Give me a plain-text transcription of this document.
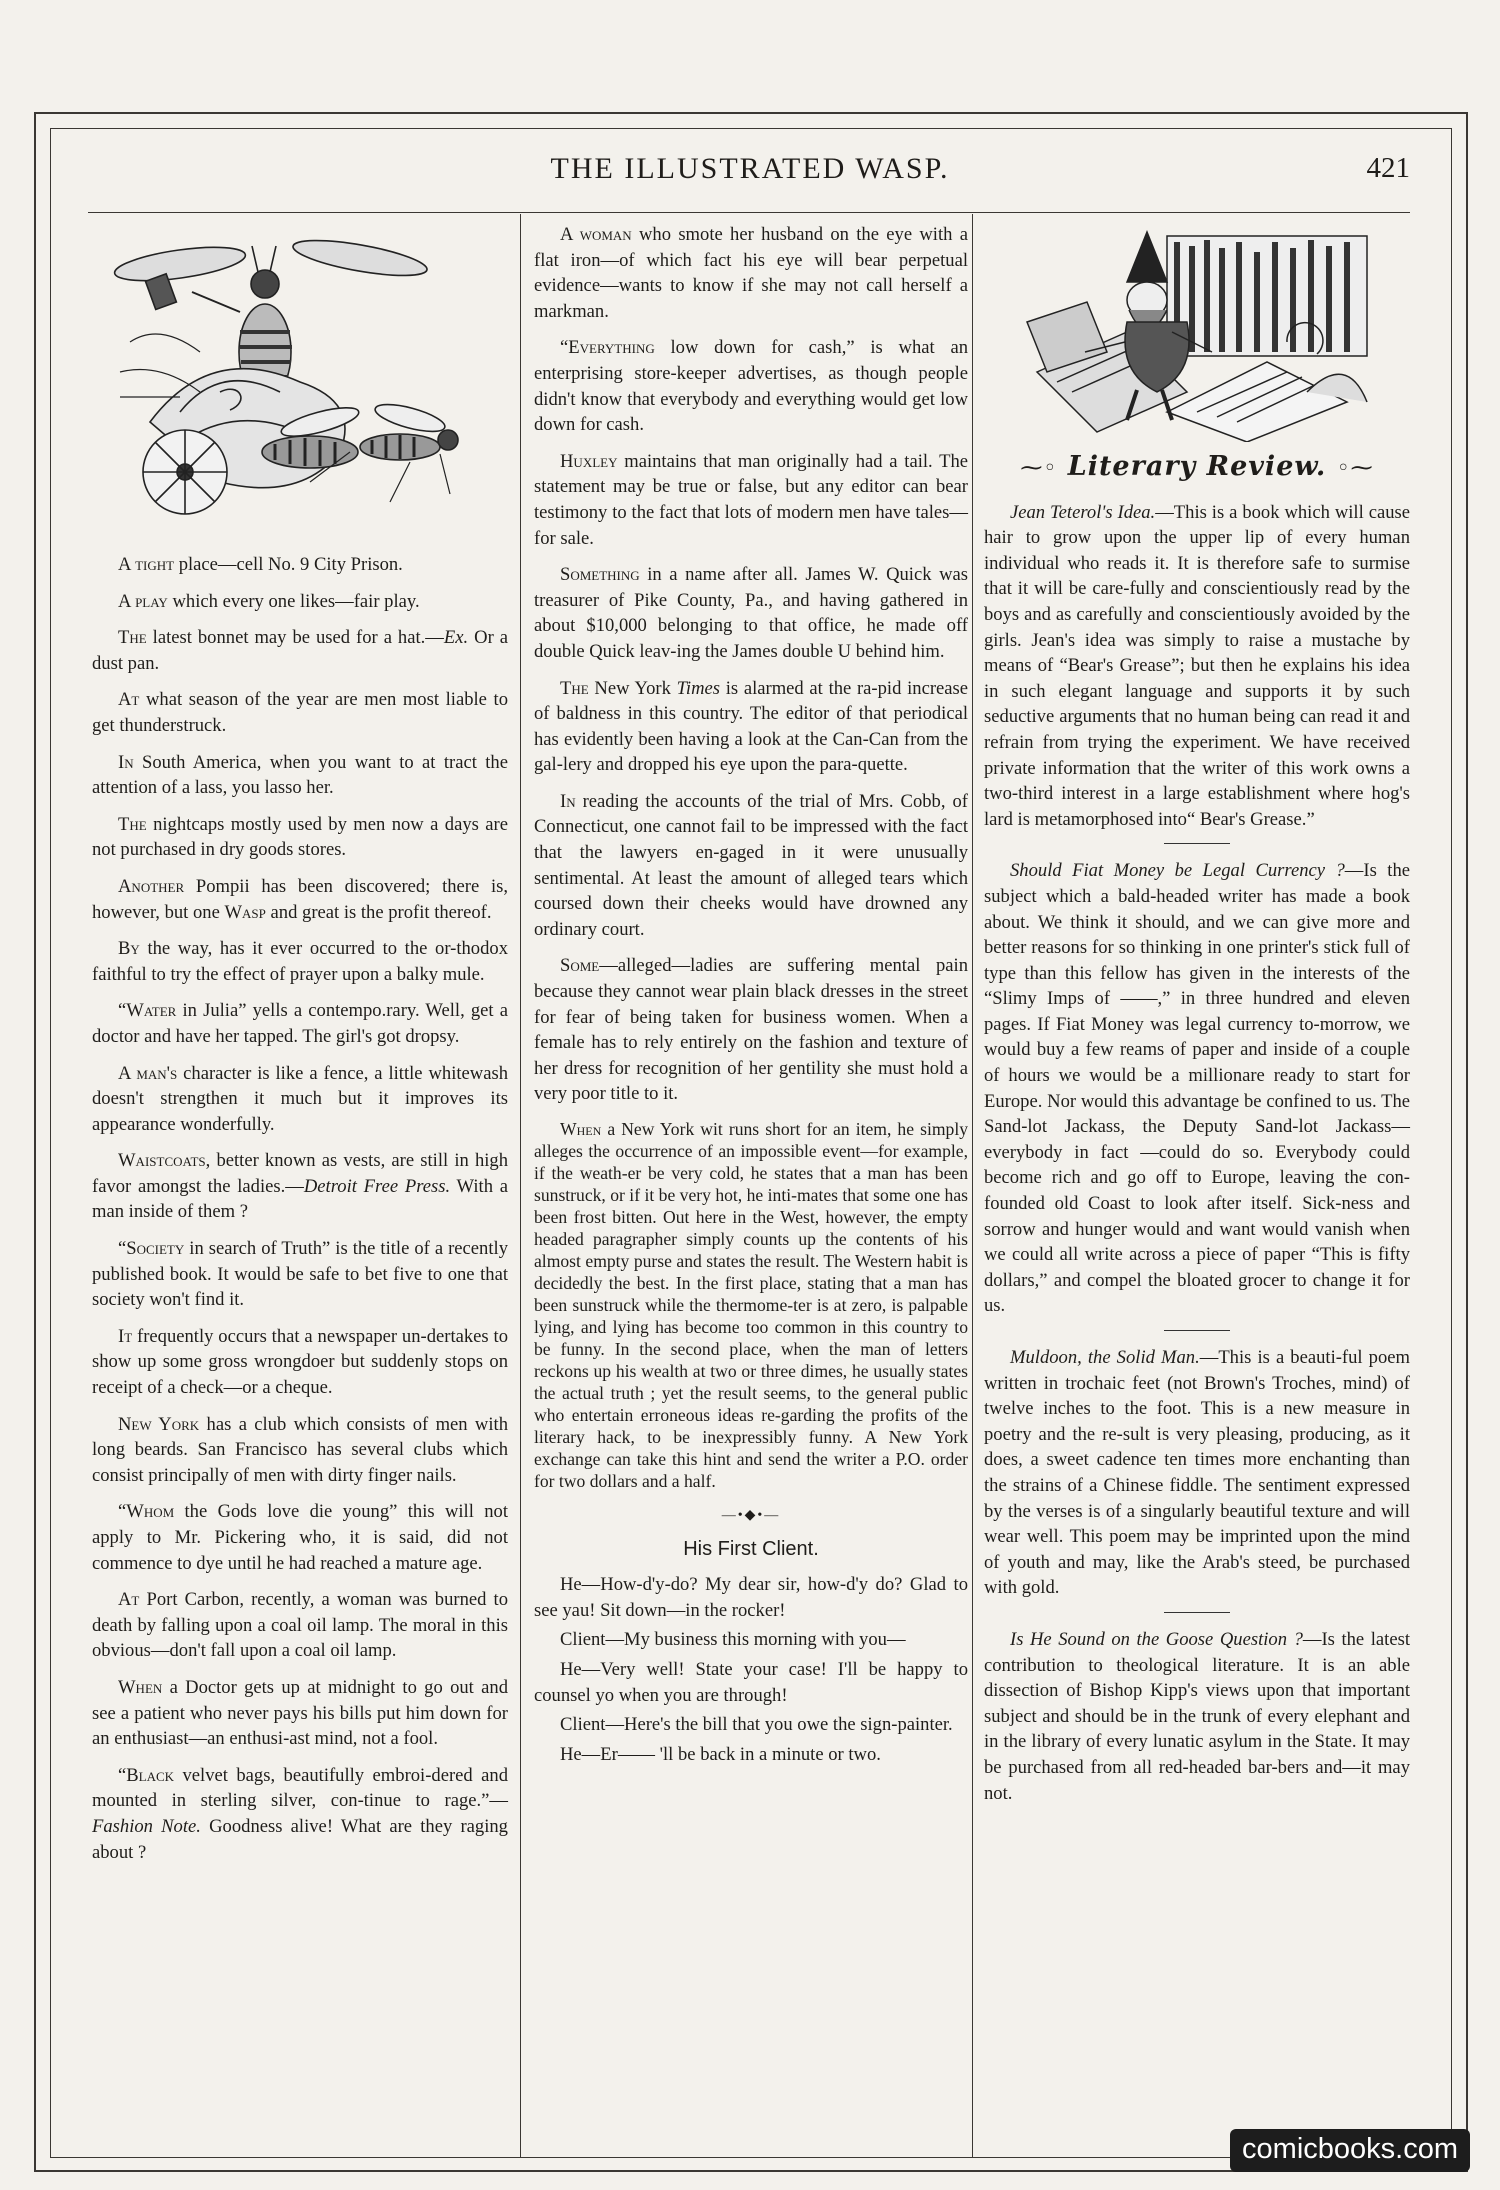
THE ILLUSTRATED WASP.	421

A tight place—cell No. 9 City Prison.

A play which every one likes—fair play.

The latest bonnet may be used for a hat.—Ex. Or a dust pan.

At what season of the year are men most liable to get thunderstruck.

In South America, when you want to at tract the attention of a lass, you lasso her.

The nightcaps mostly used by men now a days are not purchased in dry goods stores.

Another Pompii has been discovered; there is, however, but one Wasp and great is the profit thereof.

By the way, has it ever occurred to the or-thodox faithful to try the effect of prayer upon a balky mule.

“Water in Julia” yells a contempo.rary. Well, get a doctor and have her tapped. The girl's got dropsy.

A man's character is like a fence, a little whitewash doesn't strengthen it much but it improves its appearance wonderfully.

Waistcoats, better known as vests, are still in high favor amongst the ladies.—Detroit Free Press. With a man inside of them ?

“Society in search of Truth” is the title of a recently published book. It would be safe to bet five to one that society won't find it.

It frequently occurs that a newspaper un-dertakes to show up some gross wrongdoer but suddenly stops on receipt of a check—or a cheque.

New York has a club which consists of men with long beards. San Francisco has several clubs which consist principally of men with dirty finger nails.

“Whom the Gods love die young” this will not apply to Mr. Pickering who, it is said, did not commence to dye until he had reached a mature age.

At Port Carbon, recently, a woman was burned to death by falling upon a coal oil lamp. The moral in this obvious—don't fall upon a coal oil lamp.

When a Doctor gets up at midnight to go out and see a patient who never pays his bills put him down for an enthusiast—an enthusi-ast mind, not a fool.

“Black velvet bags, beautifully embroi-dered and mounted in sterling silver, con-tinue to rage.”—Fashion Note. Goodness alive! What are they raging about ?

A woman who smote her husband on the eye with a flat iron—of which fact his eye will bear perpetual evidence—wants to know if she may not call herself a markman.

“Everything low down for cash,” is what an enterprising store-keeper advertises, as though people didn't know that everybody and everything would get low down for cash.

Huxley maintains that man originally had a tail. The statement may be true or false, but any editor can bear testimony to the fact that lots of modern men have tales—for sale.

Something in a name after all. James W. Quick was treasurer of Pike County, Pa., and having gathered in about $10,000 belonging to that office, he made off double Quick leav-ing the James double U behind him.

The New York Times is alarmed at the ra-pid increase of baldness in this country. The editor of that periodical has evidently been having a look at the Can-Can from the gal-lery and dropped his eye upon the para-quette.

In reading the accounts of the trial of Mrs. Cobb, of Connecticut, one cannot fail to be impressed with the fact that the lawyers en-gaged in it were unusually sentimental. At least the amount of alleged tears which coursed down their cheeks would have drowned any ordinary court.

Some—alleged—ladies are suffering mental pain because they cannot wear plain black dresses in the street for fear of being taken for business women. When a female has to rely entirely on the fashion and texture of her dress for recognition of her gentility she must hold a very poor title to it.

When a New York wit runs short for an item, he simply alleges the occurrence of an impossible event—for example, if the weath-er be very cold, he states that a man has been sunstruck, or if it be very hot, he inti-mates that some one has been frost bitten. Out here in the West, however, the empty headed paragrapher simply counts up the contents of his almost empty purse and states the result. The Western habit is decidedly the best. In the first place, stating that a man has been sunstruck while the thermome-ter is at zero, is palpable lying, and lying has become too common in this country to be funny. In the second place, when the man of letters reckons up his wealth at two or three dimes, he usually states the actual truth ; yet the result seems, to the general public who entertain erroneous ideas re-garding the profits of the literary hack, to be inexpressibly funny. A New York exchange can take this hint and send the writer a P.O. order for two dollars and a half.

—•◆•—
His First Client.

He—How-d'y-do? My dear sir, how-d'y do? Glad to see yau! Sit down—in the rocker!

Client—My business this morning with you—

He—Very well! State your case! I'll be happy to counsel yo when you are through!

Client—Here's the bill that you owe the sign-painter.

He—Er—— 'll be back in a minute or two.

⁓◦ Literary Review. ◦⁓

Jean Teterol's Idea.—This is a book which will cause hair to grow upon the upper lip of every human individual who reads it. It is therefore safe to surmise that it will be care-fully and conscientiously read by the boys and as carefully and conscientiously avoided by the girls. Jean's idea was simply to raise a mustache by means of “Bear's Grease”; but then he explains his idea in such elegant language and supports it by such seductive arguments that no human being can read it and refrain from trying the experiment. We have received private information that the writer of this work owns a two-third interest in a large establishment where hog's lard is metamorphosed into“ Bear's Grease.”

Should Fiat Money be Legal Currency ?—Is the subject which a bald-headed writer has made a book about. We think it should, and we can give more and better reasons for so thinking in one printer's stick full of type than this fellow has given in the interests of the “Slimy Imps of ——,” in three hundred and eleven pages. If Fiat Money was legal currency to-morrow, we would buy a few reams of paper and inside of a couple of hours we would be a millionare ready to start for Europe. Nor would this advantage be confined to us. The Sand-lot Jackass, the Deputy Sand-lot Jackass—everybody in fact —could do so. Everybody could become rich and go off to Europe, leaving the con-founded old Coast to look after itself. Sick-ness and sorrow and hunger would and want would vanish when we could all write across a piece of paper “This is fifty dollars,” and compel the bloated grocer to change it for us.

Muldoon, the Solid Man.—This is a beauti-ful poem written in trochaic feet (not Brown's Troches, mind) of twelve inches to the foot. This is a new measure in poetry and the re-sult is very pleasing, producing, as it does, a sweet cadence ten times more enchanting than the strains of a Chinese fiddle. The sentiment expressed by the verses is of a singularly beautiful texture and will wear well. This poem may be imprinted upon the mind of youth and may, like the Arab's steed, be purchased with gold.

Is He Sound on the Goose Question ?—Is the latest contribution to theological literature. It is an able dissection of Bishop Kipp's views upon that important subject and should be in the trunk of every elephant and in the library of every lunatic asylum in the State. It may be purchased from all red-headed bar-bers and—it may not.

comicbooks.com
